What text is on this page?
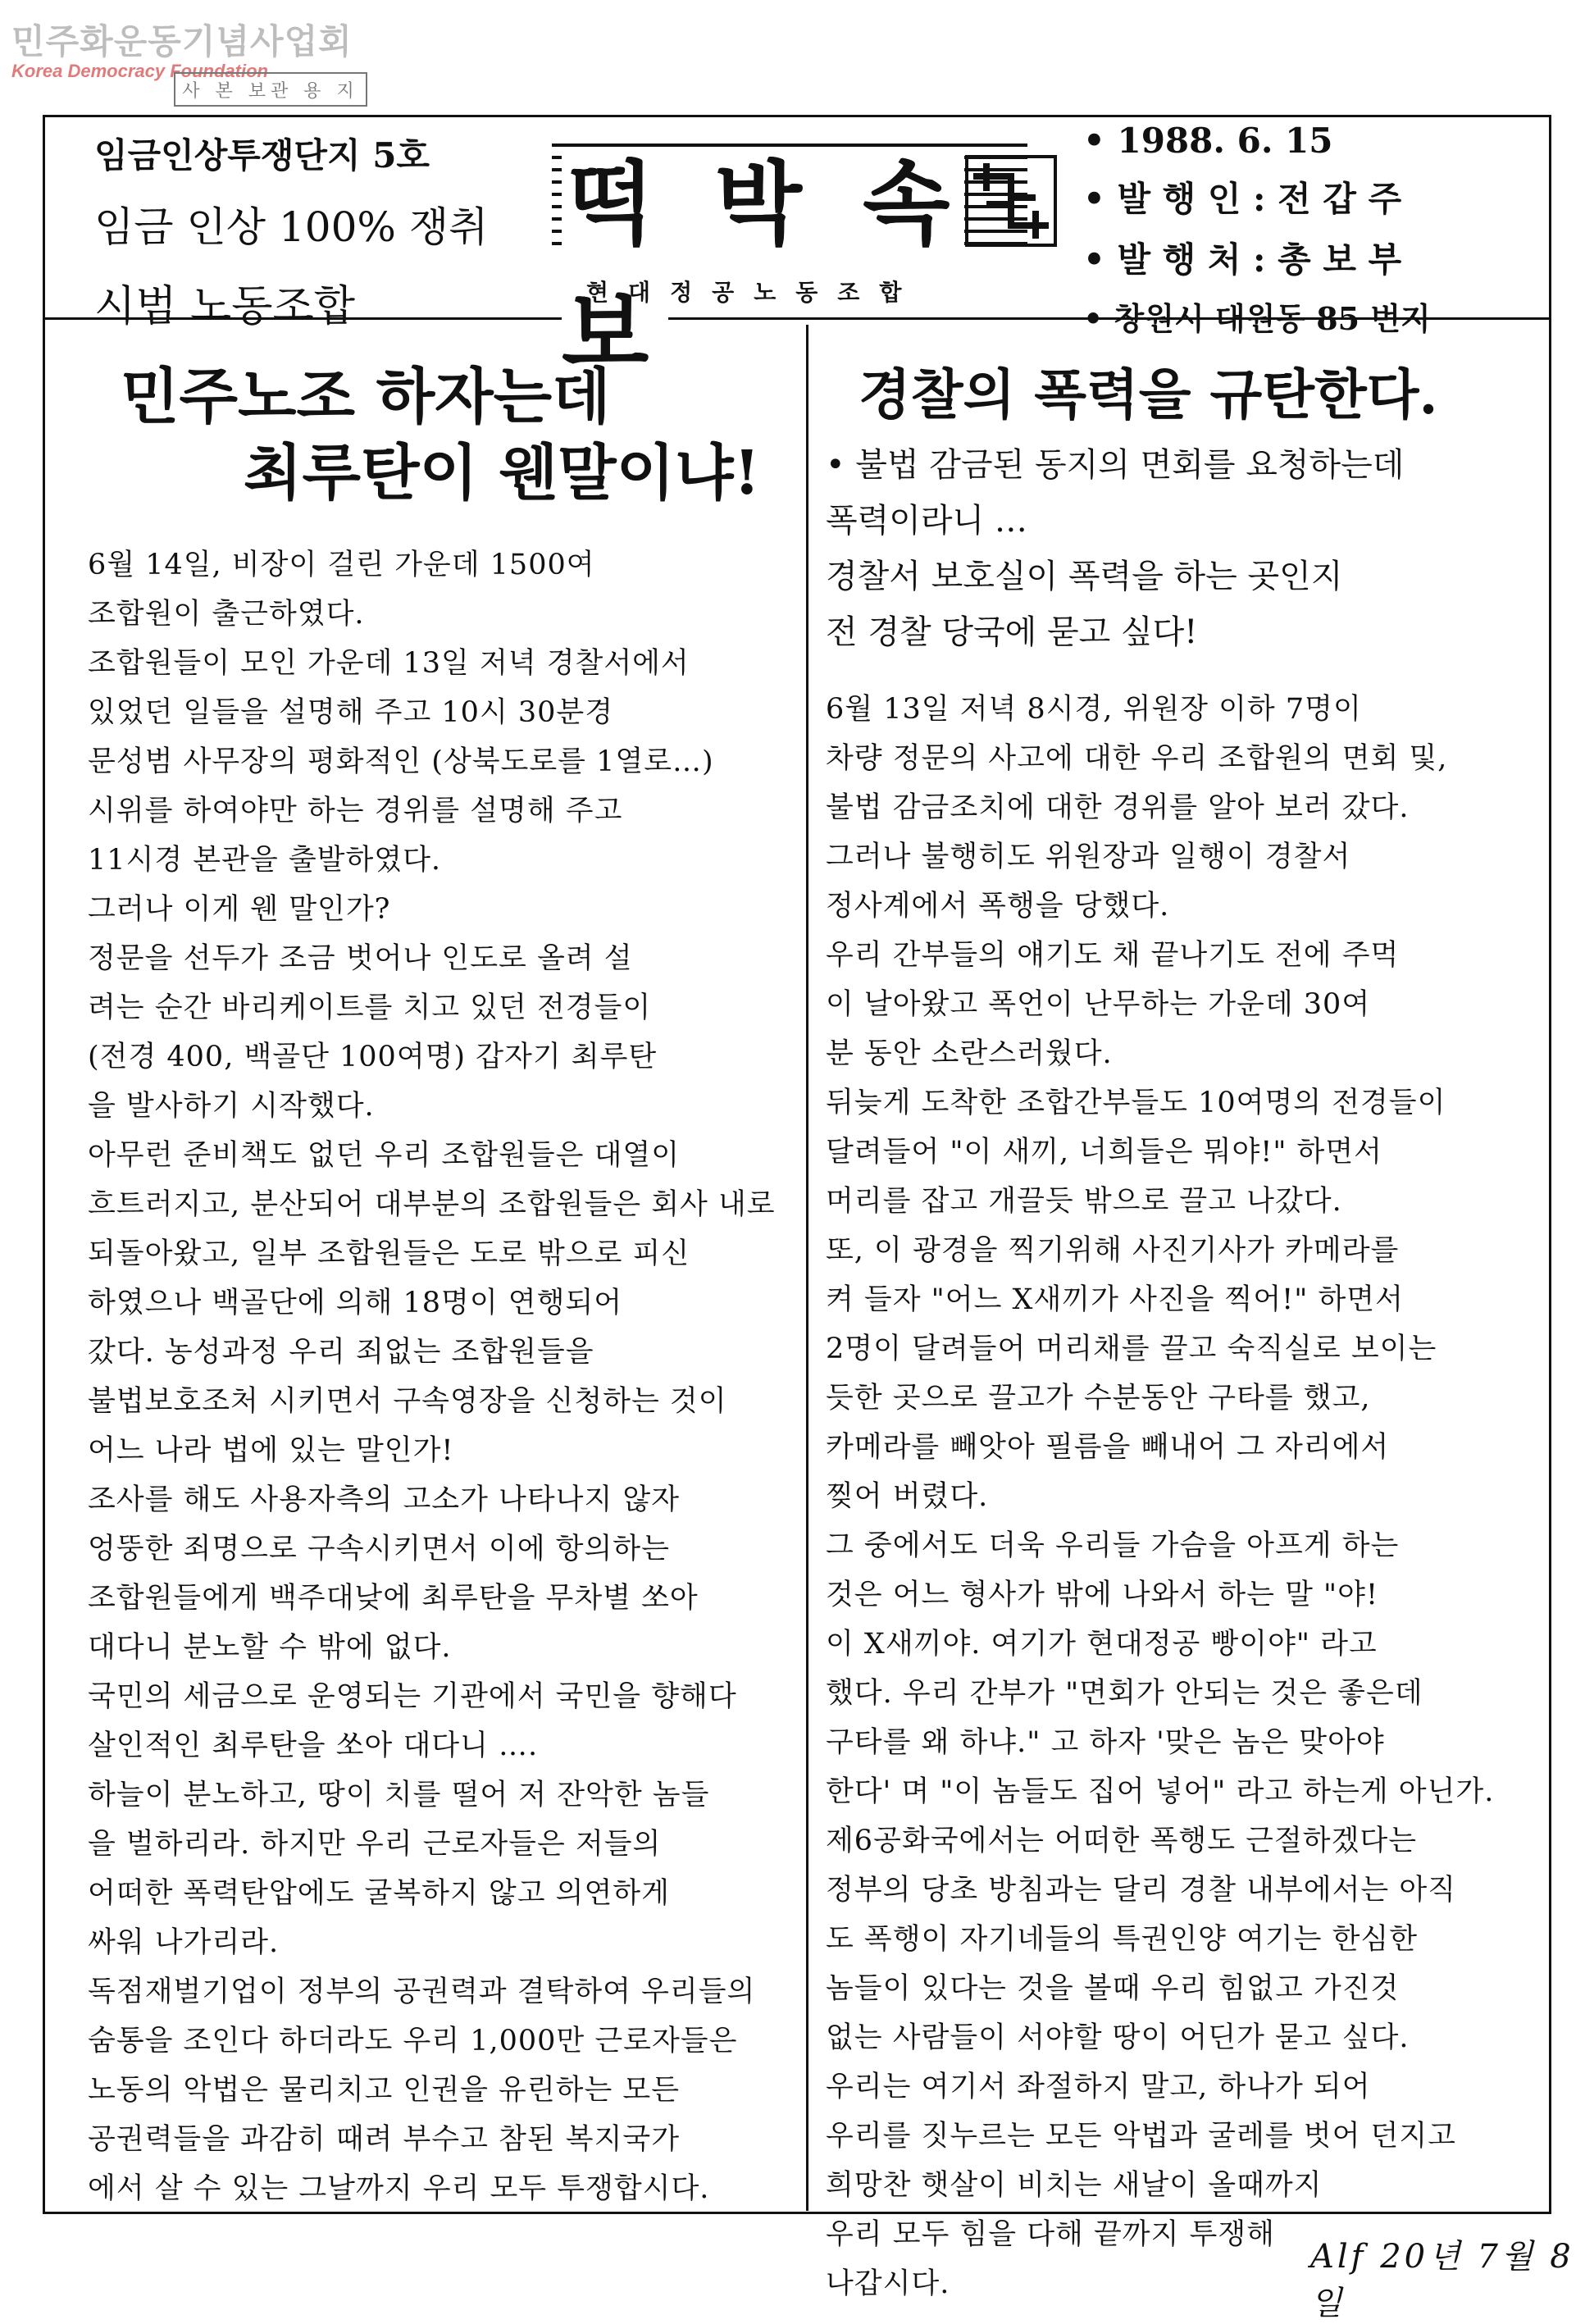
민주화운동기념사업회
Korea Democracy Foundation
사 본 보관 용 지
임금인상투쟁단지 5호
임금 인상 100% 쟁취
시범 노동조합
떡 박 속 보
현대정공노동조합
• 1988. 6. 15
• 발 행 인 : 전 갑 주
• 발 행 처 : 총 보 부
• 창원시 대원동 85 번지
민주노조 하자는데
최루탄이 웬말이냐!

6월 14일, 비장이 걸린 가운데 1500여
조합원이 출근하였다.

조합원들이 모인 가운데 13일 저녁 경찰서에서
있었던 일들을 설명해 주고 10시 30분경
문성범 사무장의 평화적인 (상북도로를 1열로…)
시위를 하여야만 하는 경위를 설명해 주고
11시경 본관을 출발하였다.

그러나 이게 웬 말인가?
정문을 선두가 조금 벗어나 인도로 올려 설
려는 순간 바리케이트를 치고 있던 전경들이
(전경 400, 백골단 100여명) 갑자기 최루탄
을 발사하기 시작했다.

아무런 준비책도 없던 우리 조합원들은 대열이
흐트러지고, 분산되어 대부분의 조합원들은 회사 내로
되돌아왔고, 일부 조합원들은 도로 밖으로 피신
하였으나 백골단에 의해 18명이 연행되어
갔다. 농성과정 우리 죄없는 조합원들을
불법보호조처 시키면서 구속영장을 신청하는 것이
어느 나라 법에 있는 말인가!

조사를 해도 사용자측의 고소가 나타나지 않자
엉뚱한 죄명으로 구속시키면서 이에 항의하는
조합원들에게 백주대낮에 최루탄을 무차별 쏘아
대다니 분노할 수 밖에 없다.

국민의 세금으로 운영되는 기관에서 국민을 향해다
살인적인 최루탄을 쏘아 대다니 ….

하늘이 분노하고, 땅이 치를 떨어 저 잔악한 놈들
을 벌하리라. 하지만 우리 근로자들은 저들의
어떠한 폭력탄압에도 굴복하지 않고 의연하게
싸워 나가리라.

독점재벌기업이 정부의 공권력과 결탁하여 우리들의
숨통을 조인다 하더라도 우리 1,000만 근로자들은
노동의 악법은 물리치고 인권을 유린하는 모든
공권력들을 과감히 때려 부수고 참된 복지국가
에서 살 수 있는 그날까지 우리 모두 투쟁합시다.

경찰의 폭력을 규탄한다.
• 불법 감금된 동지의 면회를 요청하는데
폭력이라니 …
경찰서 보호실이 폭력을 하는 곳인지
전 경찰 당국에 묻고 싶다!

6월 13일 저녁 8시경, 위원장 이하 7명이
차량 정문의 사고에 대한 우리 조합원의 면회 및,
불법 감금조치에 대한 경위를 알아 보러 갔다.
그러나 불행히도 위원장과 일행이 경찰서
정사계에서 폭행을 당했다.

우리 간부들의 얘기도 채 끝나기도 전에 주먹
이 날아왔고 폭언이 난무하는 가운데 30여
분 동안 소란스러웠다.

뒤늦게 도착한 조합간부들도 10여명의 전경들이
달려들어 "이 새끼, 너희들은 뭐야!" 하면서
머리를 잡고 개끌듯 밖으로 끌고 나갔다.

또, 이 광경을 찍기위해 사진기사가 카메라를
켜 들자 "어느 X새끼가 사진을 찍어!" 하면서
2명이 달려들어 머리채를 끌고 숙직실로 보이는
듯한 곳으로 끌고가 수분동안 구타를 했고,
카메라를 빼앗아 필름을 빼내어 그 자리에서
찢어 버렸다.

그 중에서도 더욱 우리들 가슴을 아프게 하는
것은 어느 형사가 밖에 나와서 하는 말 "야!
이 X새끼야. 여기가 현대정공 빵이야" 라고
했다. 우리 간부가 "면회가 안되는 것은 좋은데
구타를 왜 하냐." 고 하자 '맞은 놈은 맞아야
한다' 며 "이 놈들도 집어 넣어" 라고 하는게 아닌가.

제6공화국에서는 어떠한 폭행도 근절하겠다는
정부의 당초 방침과는 달리 경찰 내부에서는 아직
도 폭행이 자기네들의 특권인양 여기는 한심한
놈들이 있다는 것을 볼때 우리 힘없고 가진것
없는 사람들이 서야할 땅이 어딘가 묻고 싶다.

우리는 여기서 좌절하지 말고, 하나가 되어
우리를 짓누르는 모든 악법과 굴레를 벗어 던지고
희망찬 햇살이 비치는 새날이 올때까지
우리 모두 힘을 다해 끝까지 투쟁해
나갑시다.

Alf 20년 7월 8일
